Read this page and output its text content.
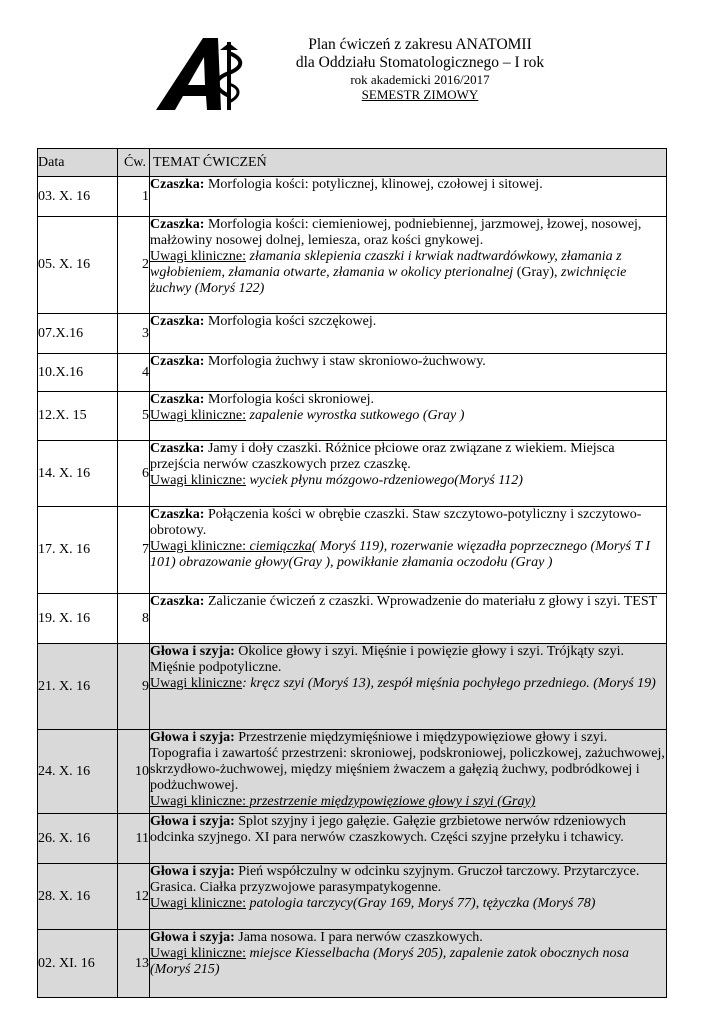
Plan ćwiczeń z zakresu ANATOMII
dla Oddziału Stomatologicznego – I rok
rok akademicki 2016/2017
SEMESTR ZIMOWY
Data	Ćw.	TEMAT ĆWICZEŃ
03. X. 16	1	Czaszka: Morfologia kości: potylicznej, klinowej, czołowej i sitowej.
05. X. 16	2	Czaszka: Morfologia kości: ciemieniowej, podniebiennej, jarzmowej, łzowej, nosowej, małżowiny nosowej dolnej, lemiesza, oraz kości gnykowej.
Uwagi kliniczne: złamania sklepienia czaszki i krwiak nadtwardówkowy, złamania z wgłobieniem, złamania otwarte, złamania w okolicy pterionalnej (Gray), zwichnięcie żuchwy (Moryś 122)
07.X.16	3	Czaszka: Morfologia kości szczękowej.
10.X.16	4	Czaszka: Morfologia żuchwy i staw skroniowo-żuchwowy.
12.X. 15	5	Czaszka: Morfologia kości skroniowej.
Uwagi kliniczne: zapalenie wyrostka sutkowego (Gray )
14. X. 16	6	Czaszka: Jamy i doły czaszki. Różnice płciowe oraz związane z wiekiem. Miejsca przejścia nerwów czaszkowych przez czaszkę.
Uwagi kliniczne: wyciek płynu mózgowo-rdzeniowego(Moryś 112)
17. X. 16	7	Czaszka: Połączenia kości w obrębie czaszki. Staw szczytowo-potyliczny i szczytowo-obrotowy.
Uwagi kliniczne: ciemiączka( Moryś 119), rozerwanie więzadła poprzecznego (Moryś T I 101) obrazowanie głowy(Gray ), powikłanie złamania oczodołu (Gray )
19. X. 16	8	Czaszka: Zaliczanie ćwiczeń z czaszki. Wprowadzenie do materiału z głowy i szyi. TEST
21. X. 16	9	Głowa i szyja: Okolice głowy i szyi. Mięśnie i powięzie głowy i szyi. Trójkąty szyi. Mięśnie podpotyliczne.
Uwagi kliniczne: kręcz szyi (Moryś 13), zespół mięśnia pochyłego przedniego. (Moryś 19)
24. X. 16	10	Głowa i szyja: Przestrzenie międzymięśniowe i międzypowięziowe głowy i szyi. Topografia i zawartość przestrzeni: skroniowej, podskroniowej, policzkowej, zażuchwowej, skrzydłowo-żuchwowej, między mięśniem żwaczem a gałęzią żuchwy, podbródkowej i podżuchwowej.
Uwagi kliniczne: przestrzenie międzypowięziowe głowy i szyi (Gray)
26. X. 16	11	Głowa i szyja: Splot szyjny i jego gałęzie. Gałęzie grzbietowe nerwów rdzeniowych odcinka szyjnego. XI para nerwów czaszkowych. Części szyjne przełyku i tchawicy.
28. X. 16	12	Głowa i szyja: Pień współczulny w odcinku szyjnym. Gruczoł tarczowy. Przytarczyce. Grasica. Ciałka przyzwojowe parasympatykogenne.
Uwagi kliniczne: patologia tarczycy(Gray 169, Moryś 77), tężyczka (Moryś 78)
02. XI. 16	13	Głowa i szyja: Jama nosowa. I para nerwów czaszkowych.
Uwagi kliniczne: miejsce Kiesselbacha (Moryś 205), zapalenie zatok obocznych nosa (Moryś 215)
